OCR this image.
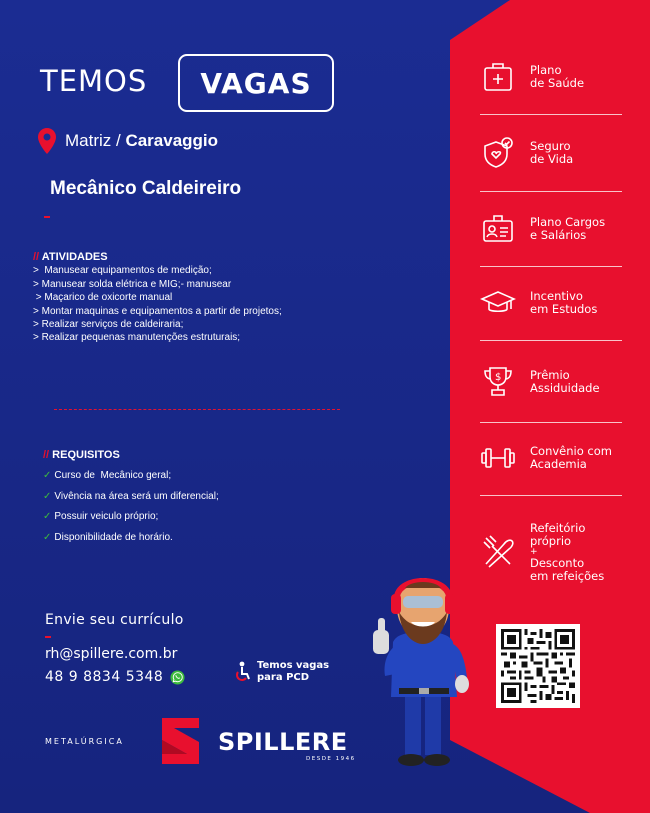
Plano
de Saúde
Seguro
de Vida
Plano Cargos
e Salários
Incentivo
em Estudos
$ Prêmio
Assiduidade
Convênio com
Academia
Refeitório
próprio
+
Desconto
em refeições
TEMOS VAGAS
Matriz / Caravaggio
Mecânico Caldeireiro
// ATIVIDADES
>  Manusear equipamentos de medição;
> Manusear solda elétrica e MIG;- manusear
> Maçarico de oxicorte manual
> Montar maquinas e equipamentos a partir de projetos;
> Realizar serviços de caldeiraria;
> Realizar pequenas manutenções estruturais;
// REQUISITOS
✓ Curso de  Mecânico geral;
✓ Vivência na área será um diferencial;
✓ Possuir veiculo próprio;
✓ Disponibilidade de horário.
Envie seu currículo
rh@spillere.com.br
48 9 8834 5348
Temos vagas
para PCD
METALÚRGICA	SPILLERE
DESDE 1946
